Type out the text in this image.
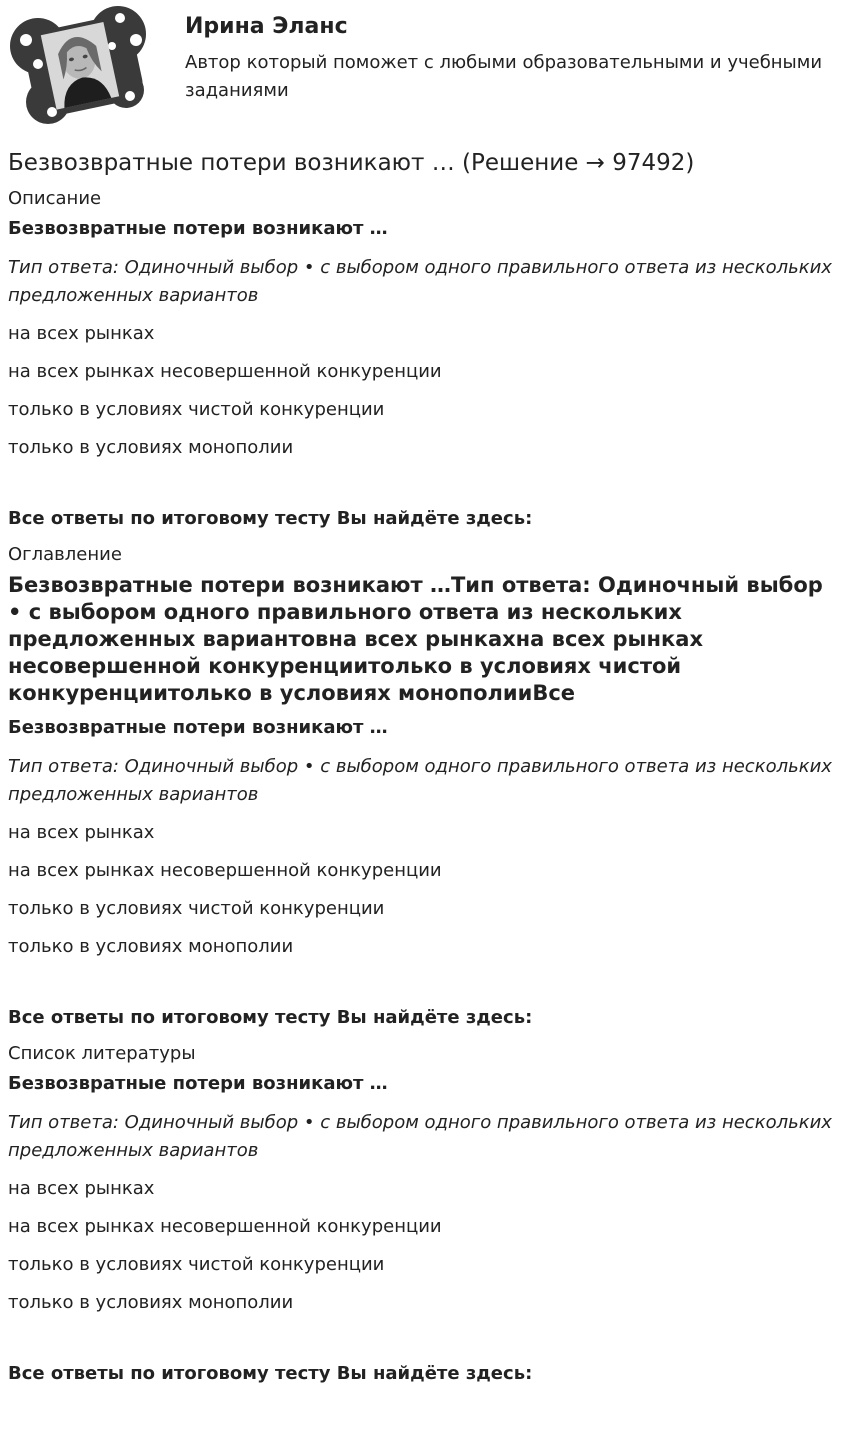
Ирина Эланс
Автор который поможет с любыми образовательными и учебными заданиями
Безвозвратные потери возникают … (Решение → 97492)
Описание
Безвозвратные потери возникают …
Тип ответа: Одиночный выбор • с выбором одного правильного ответа из нескольких предложенных вариантов
на всех рынках
на всех рынках несовершенной конкуренции
только в условиях чистой конкуренции
только в условиях монополии
Все ответы по итоговому тесту Вы найдёте здесь:
Оглавление
Безвозвратные потери возникают …Тип ответа: Одиночный выбор • с выбором одного правильного ответа из нескольких предложенных вариантовна всех рынкахна всех рынках несовершенной конкуренциитолько в условиях чистой конкуренциитолько в условиях монополииВсе
Безвозвратные потери возникают …
Тип ответа: Одиночный выбор • с выбором одного правильного ответа из нескольких предложенных вариантов
на всех рынках
на всех рынках несовершенной конкуренции
только в условиях чистой конкуренции
только в условиях монополии
Все ответы по итоговому тесту Вы найдёте здесь:
Список литературы
Безвозвратные потери возникают …
Тип ответа: Одиночный выбор • с выбором одного правильного ответа из нескольких предложенных вариантов
на всех рынках
на всех рынках несовершенной конкуренции
только в условиях чистой конкуренции
только в условиях монополии
Все ответы по итоговому тесту Вы найдёте здесь:
